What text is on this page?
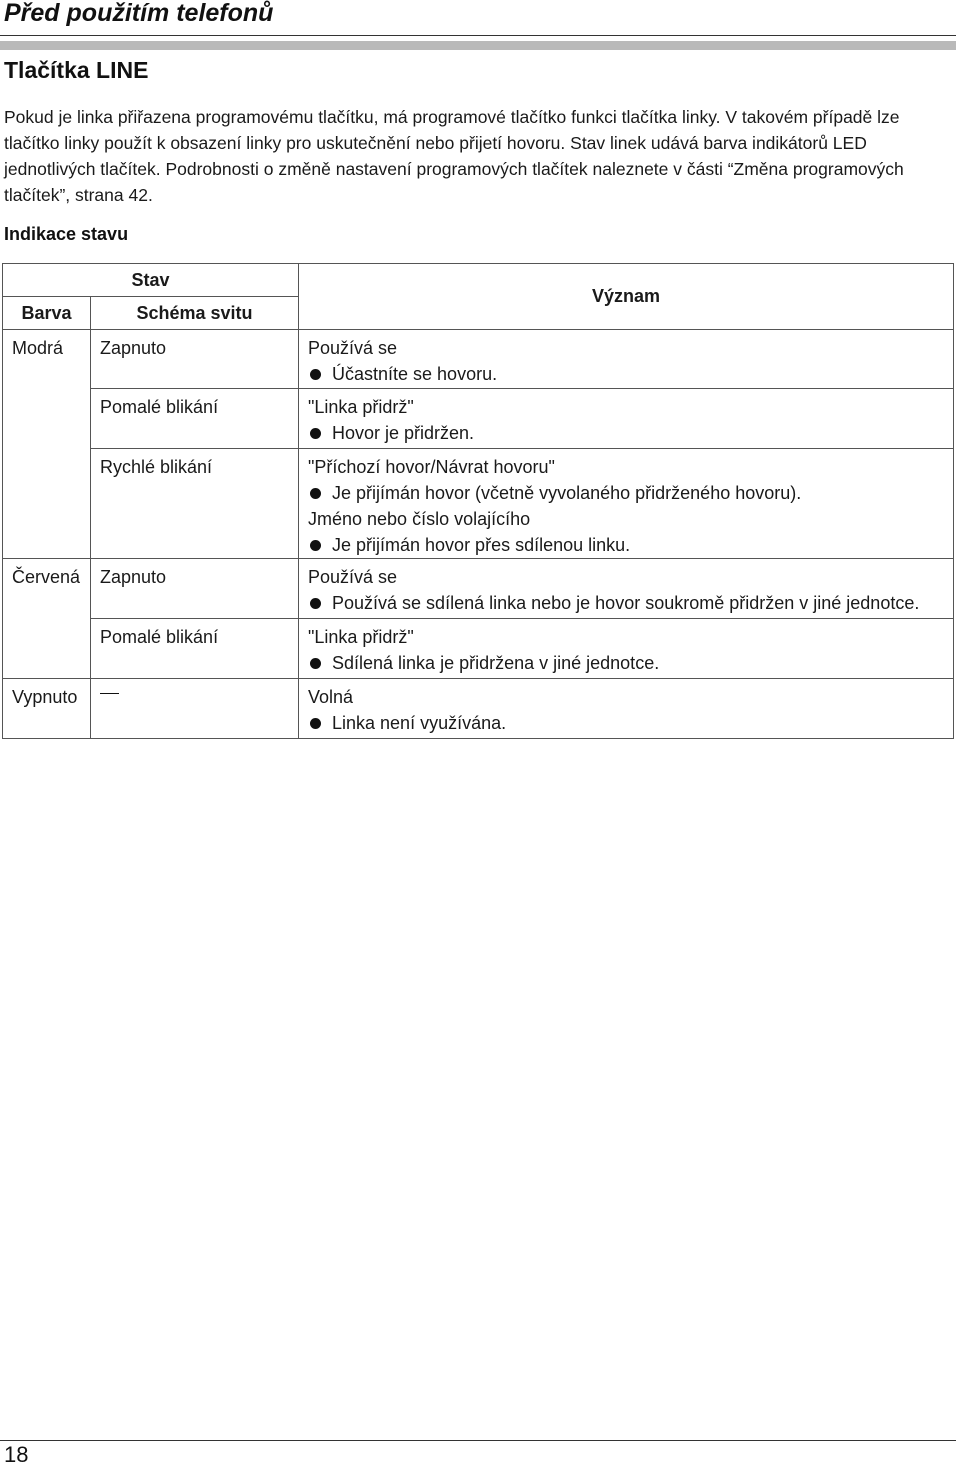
Před použitím telefonů
Tlačítka LINE
Pokud je linka přiřazena programovému tlačítku, má programové tlačítko funkci tlačítka linky. V takovém případě lze tlačítko linky použít k obsazení linky pro uskutečnění nebo přijetí hovoru. Stav linek udává barva indikátorů LED jednotlivých tlačítek. Podrobnosti o změně nastavení programových tlačítek naleznete v části “Změna programových tlačítek”, strana 42.
Indikace stavu
Stav		Význam
Barva	Schéma svitu	
Modrá	Zapnuto	Používá se
Účastníte se hovoru.

	Pomalé blikání	"Linka přidrž"
Hovor je přidržen.

	Rychlé blikání	"Příchozí hovor/Návrat hovoru"
Je přijímán hovor (včetně vyvolaného přidrženého hovoru).
Jméno nebo číslo volajícího
Je přijímán hovor přes sdílenou linku.

Červená	Zapnuto	Používá se
Používá se sdílená linka nebo je hovor soukromě přidržen v jiné jednotce.

	Pomalé blikání	"Linka přidrž"
Sdílená linka je přidržena v jiné jednotce.

Vypnuto		Volná
Linka není využívána.
18
